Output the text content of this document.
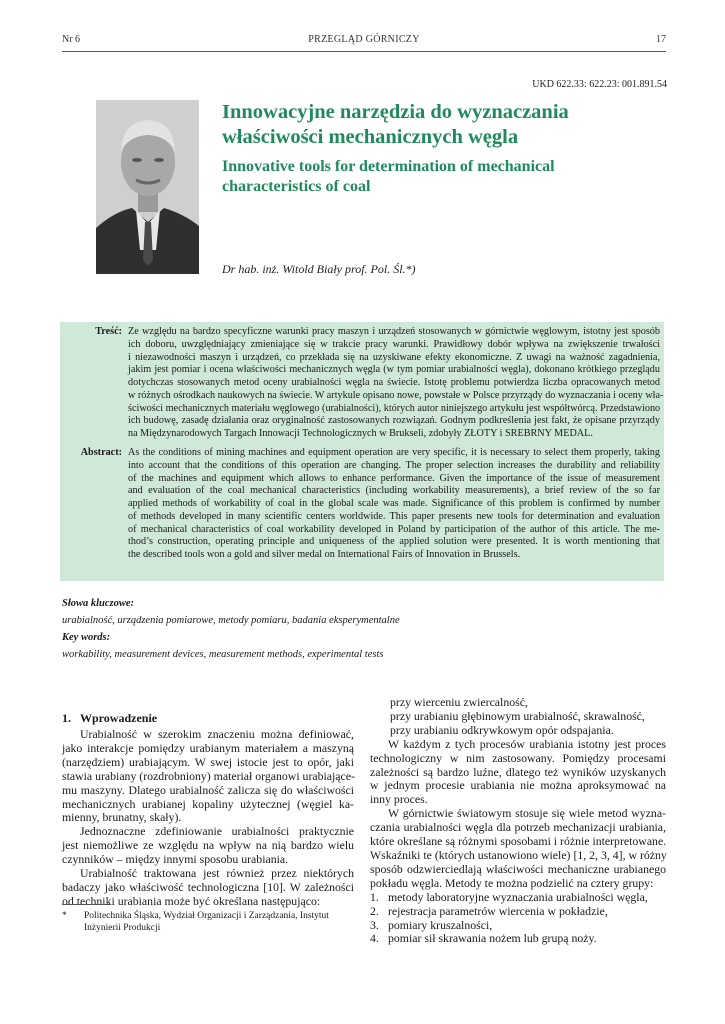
Nr 6	PRZEGLĄD GÓRNICZY	17
UKD 622.33: 622.23: 001.891.54
Innowacyjne narzędzia do wyznaczania
właściwości mechanicznych węgla
Innovative tools for determination of mechanical
characteristics of coal
Dr hab. inż. Witold Biały prof. Pol. Śl.*)
Treść: Ze względu na bardzo specyficzne warunki pracy maszyn i urządzeń stosowanych w górnictwie węglowym, istotny jest sposób
ich doboru, uwzględniający zmieniające się w trakcie pracy warunki. Prawidłowy dobór wpływa na zwiększenie trwałości
i niezawodności maszyn i urządzeń, co przekłada się na uzyskiwane efekty ekonomiczne. Z uwagi na ważność zagadnienia,
jakim jest pomiar i ocena właściwości mechanicznych węgla (w tym pomiar urabialności węgla), dokonano krótkiego przeglądu
dotychczas stosowanych metod oceny urabialności węgla na świecie. Istotę problemu potwierdza liczba opracowanych metod
w różnych ośrodkach naukowych na świecie. W artykule opisano nowe, powstałe w Polsce przyrządy do wyznaczania i oceny wła-
ściwości mechanicznych materiału węglowego (urabialności), których autor niniejszego artykułu jest współtwórcą. Przedstawiono
ich budowę, zasadę działania oraz oryginalność zastosowanych rozwiązań. Godnym podkreślenia jest fakt, że opisane przyrządy
na Międzynarodowych Targach Innowacji Technologicznych w Brukseli, zdobyły ZŁOTY i SREBRNY MEDAL.
Abstract: As the conditions of mining machines and equipment operation are very specific, it is necessary to select them properly, taking
into account that the conditions of this operation are changing. The proper selection increases the durability and reliability
of the machines and equipment which allows to enhance performance. Given the importance of the issue of measurement
and evaluation of the coal mechanical characteristics (including workability measurements), a brief review of the so far
applied methods of workability of coal in the global scale was made. Significance of this problem is confirmed by number
of methods developed in many scientific centers worldwide. This paper presents new tools for determination and evaluation
of mechanical characteristics of coal workability developed in Poland by participation of the author of this article. The me-
thod’s construction, operating principle and uniqueness of the applied solution were presented. It is worth mentioning that
the described tools won a gold and silver medal on International Fairs of Innovation in Brussels.
Słowa kluczowe:
urabialność, urządzenia pomiarowe, metody pomiaru, badania eksperymentalne
Key words:
workability, measurement devices, measurement methods, experimental tests
1. Wprowadzenie

Urabialność w szerokim znaczeniu można definiować,
jako interakcje pomiędzy urabianym materiałem a maszyną
(narzędziem) urabiającym. W swej istocie jest to opór, jaki
stawia urabiany (rozdrobniony) materiał organowi urabiające-
mu maszyny. Dlatego urabialność zalicza się do właściwości
mechanicznych urabianej kopaliny użytecznej (węgiel ka-
mienny, brunatny, skały).

Jednoznaczne zdefiniowanie urabialności praktycznie
jest niemożliwe ze względu na wpływ na nią bardzo wielu
czynników – między innymi sposobu urabiania.

Urabialność traktowana jest również przez niektórych
badaczy jako właściwość technologiczna [10]. W zależności
od techniki urabiania może być określana następująco:

* Politechnika Śląska, Wydział Organizacji i Zarządzania, Instytut
Inżynierii Produkcji
przy wierceniu zwiercalność,
przy urabianiu głębinowym urabialność, skrawalność,
przy urabianiu odkrywkowym opór odspajania.

W każdym z tych procesów urabiania istotny jest proces
technologiczny w nim zastosowany. Pomiędzy procesami
zależności są bardzo luźne, dlatego też wyników uzyskanych
w jednym procesie urabiania nie można aproksymować na
inny proces.

W górnictwie światowym stosuje się wiele metod wyzna-
czania urabialności węgla dla potrzeb mechanizacji urabiania,
które określane są różnymi sposobami i różnie interpretowane.
Wskaźniki te (których ustanowiono wiele) [1, 2, 3, 4], w różny
sposób odzwierciedlają właściwości mechaniczne urabianego
pokładu węgla. Metody te można podzielić na cztery grupy:

1. metody laboratoryjne wyznaczania urabialności węgla,
2. rejestracja parametrów wiercenia w pokładzie,
3. pomiary kruszalności,
4. pomiar sił skrawania nożem lub grupą noży.
